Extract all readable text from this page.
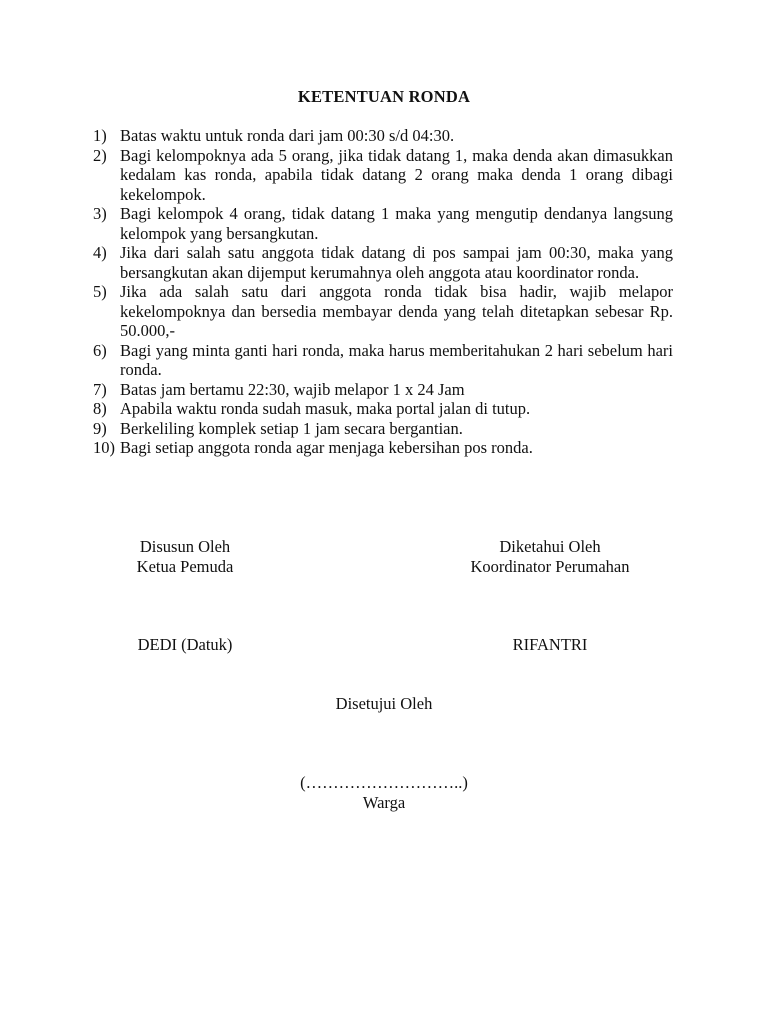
KETENTUAN RONDA
1) Batas waktu untuk ronda dari jam 00:30 s/d 04:30.
2) Bagi kelompoknya ada 5 orang, jika tidak datang 1, maka denda akan dimasukkan kedalam kas ronda, apabila tidak datang 2 orang maka denda 1 orang dibagi kekelompok.
3) Bagi kelompok 4 orang, tidak datang 1 maka yang mengutip dendanya langsung kelompok yang bersangkutan.
4) Jika dari salah satu anggota tidak datang di pos sampai jam 00:30, maka yang bersangkutan akan dijemput kerumahnya oleh anggota atau koordinator ronda.
5) Jika ada salah satu dari anggota ronda tidak bisa hadir, wajib melapor kekelompoknya dan bersedia membayar denda yang telah ditetapkan sebesar Rp. 50.000,-
6) Bagi yang minta ganti hari ronda, maka harus memberitahukan 2 hari sebelum hari ronda.
7) Batas jam bertamu 22:30, wajib melapor 1 x 24 Jam
8) Apabila waktu ronda sudah masuk, maka portal jalan di tutup.
9) Berkeliling komplek setiap 1 jam secara bergantian.
10) Bagi setiap anggota ronda agar menjaga kebersihan pos ronda.
Disusun Oleh
Ketua Pemuda
DEDI (Datuk)
Diketahui Oleh
Koordinator Perumahan
RIFANTRI
Disetujui Oleh
(………………………..)
Warga
